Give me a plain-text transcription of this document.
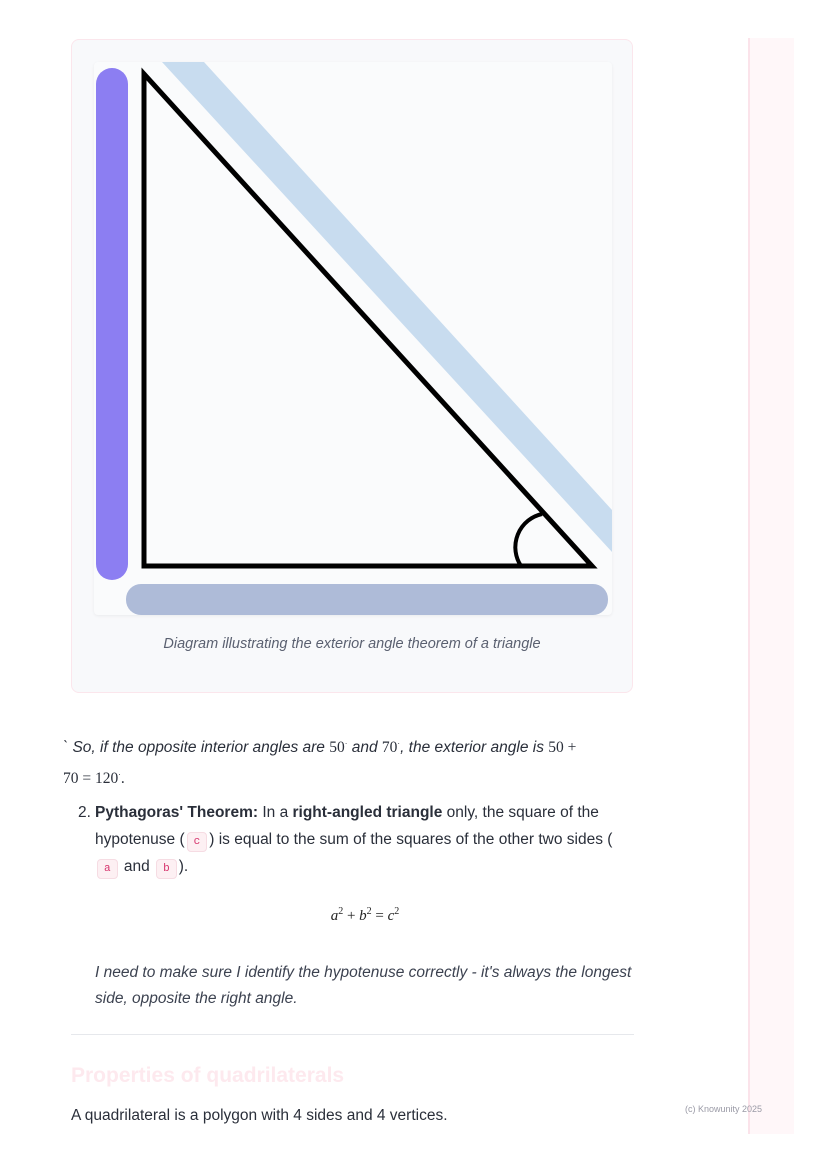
(c) Knowunity 2025
Diagram illustrating the exterior angle theorem of a triangle
` So, if the opposite interior angles are 50· and 70·, the exterior angle is 50 +
70 = 120·.
2. Pythagoras' Theorem: In a right-angled triangle only, the square of the hypotenuse ( c ) is equal to the sum of the squares of the other two sides (a and b ).
$a^2 + b^2 = c^2$
I need to make sure I identify the hypotenuse correctly - it's always the longest side, opposite the right angle.
Properties of quadrilaterals
A quadrilateral is a polygon with 4 sides and 4 vertices.
